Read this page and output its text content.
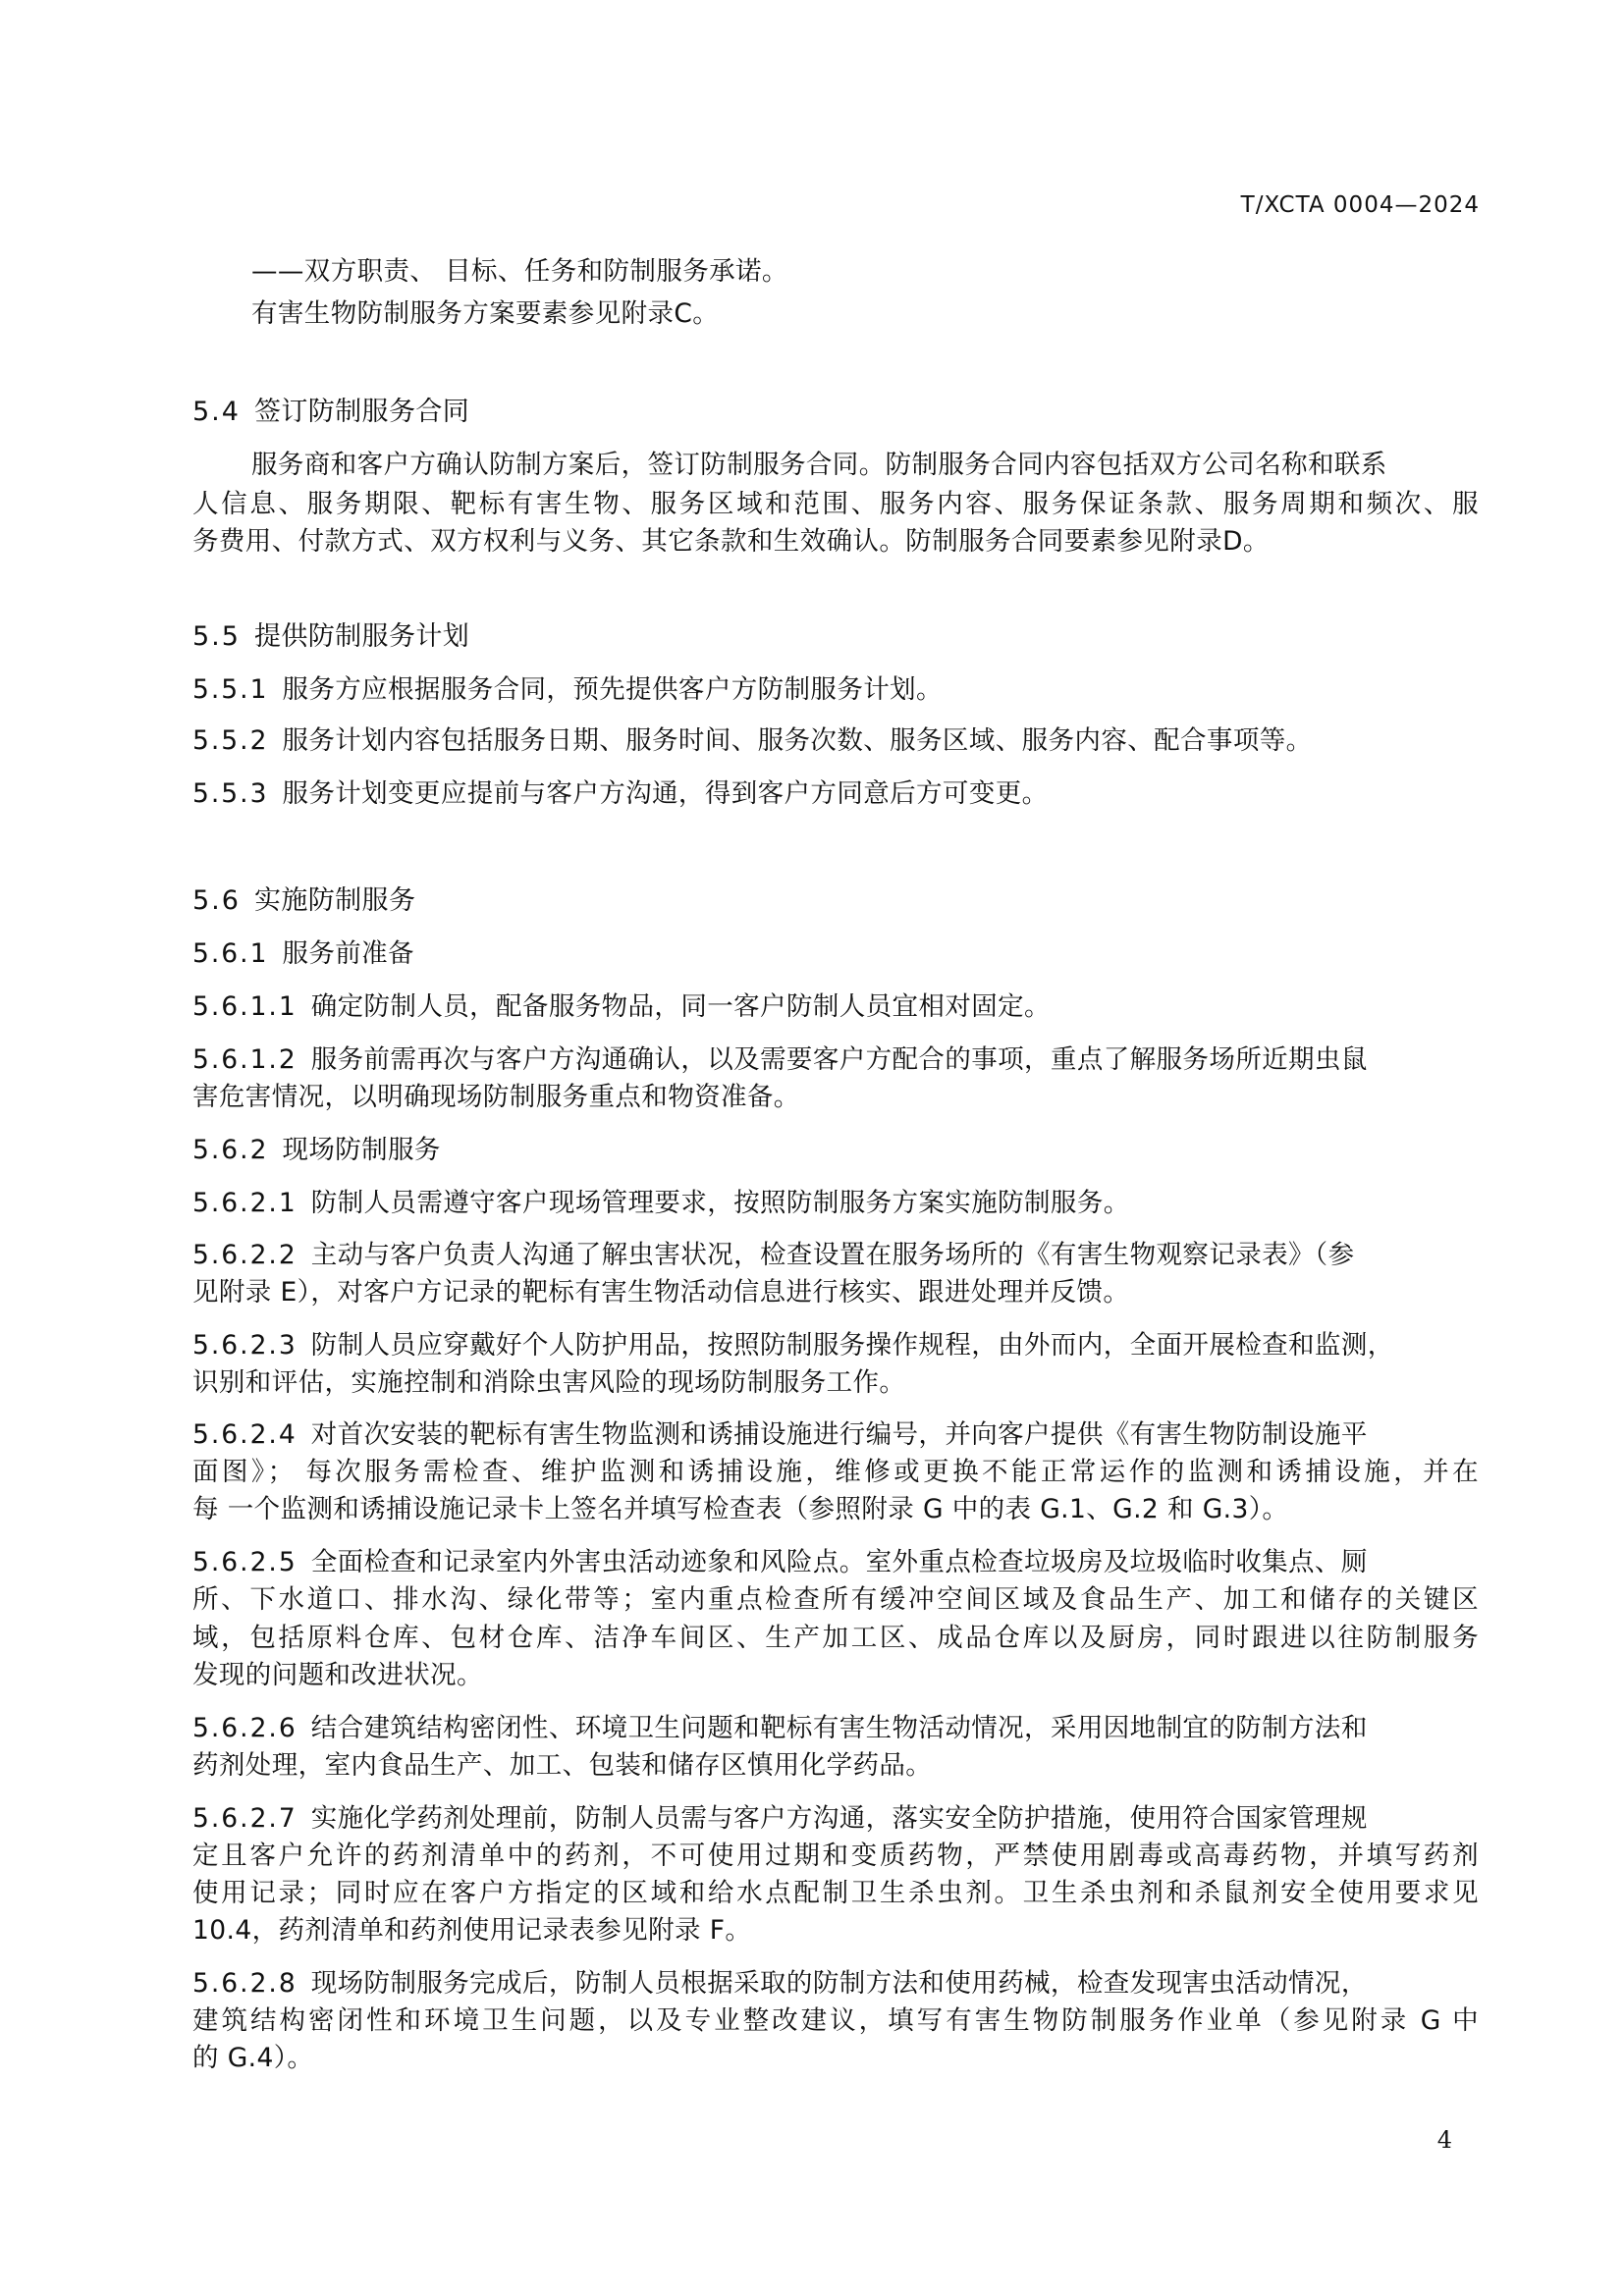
T/XCTA 0004—2024
——双方职责、 目标、任务和防制服务承诺。
有害生物防制服务方案要素参见附录C。
5.4 签订防制服务合同
服务商和客户方确认防制方案后，签订防制服务合同。防制服务合同内容包括双方公司名称和联系
人信息、服务期限、靶标有害生物、服务区域和范围、服务内容、服务保证条款、服务周期和频次、服
务费用、付款方式、双方权利与义务、其它条款和生效确认。防制服务合同要素参见附录D。
5.5 提供防制服务计划
5.5.1 服务方应根据服务合同，预先提供客户方防制服务计划。
5.5.2 服务计划内容包括服务日期、服务时间、服务次数、服务区域、服务内容、配合事项等。
5.5.3 服务计划变更应提前与客户方沟通，得到客户方同意后方可变更。
5.6 实施防制服务
5.6.1 服务前准备
5.6.1.1 确定防制人员，配备服务物品，同一客户防制人员宜相对固定。
5.6.1.2 服务前需再次与客户方沟通确认，以及需要客户方配合的事项，重点了解服务场所近期虫鼠
害危害情况，以明确现场防制服务重点和物资准备。
5.6.2 现场防制服务
5.6.2.1 防制人员需遵守客户现场管理要求，按照防制服务方案实施防制服务。
5.6.2.2 主动与客户负责人沟通了解虫害状况，检查设置在服务场所的《有害生物观察记录表》（参
见附录 E），对客户方记录的靶标有害生物活动信息进行核实、跟进处理并反馈。
5.6.2.3 防制人员应穿戴好个人防护用品，按照防制服务操作规程，由外而内，全面开展检查和监测，
识别和评估，实施控制和消除虫害风险的现场防制服务工作。
5.6.2.4 对首次安装的靶标有害生物监测和诱捕设施进行编号，并向客户提供《有害生物防制设施平
面图》； 每次服务需检查、维护监测和诱捕设施，维修或更换不能正常运作的监测和诱捕设施，并在
每 一个监测和诱捕设施记录卡上签名并填写检查表（参照附录 G 中的表 G.1、G.2 和 G.3）。
5.6.2.5 全面检查和记录室内外害虫活动迹象和风险点。室外重点检查垃圾房及垃圾临时收集点、厕
所、下水道口、排水沟、绿化带等；室内重点检查所有缓冲空间区域及食品生产、加工和储存的关键区
域，包括原料仓库、包材仓库、洁净车间区、生产加工区、成品仓库以及厨房，同时跟进以往防制服务
发现的问题和改进状况。
5.6.2.6 结合建筑结构密闭性、环境卫生问题和靶标有害生物活动情况，采用因地制宜的防制方法和
药剂处理，室内食品生产、加工、包装和储存区慎用化学药品。
5.6.2.7 实施化学药剂处理前，防制人员需与客户方沟通，落实安全防护措施，使用符合国家管理规
定且客户允许的药剂清单中的药剂，不可使用过期和变质药物，严禁使用剧毒或高毒药物，并填写药剂
使用记录；同时应在客户方指定的区域和给水点配制卫生杀虫剂。卫生杀虫剂和杀鼠剂安全使用要求见
10.4，药剂清单和药剂使用记录表参见附录 F。
5.6.2.8 现场防制服务完成后，防制人员根据采取的防制方法和使用药械，检查发现害虫活动情况，
建筑结构密闭性和环境卫生问题，以及专业整改建议，填写有害生物防制服务作业单（参见附录 G 中
的 G.4）。
4
